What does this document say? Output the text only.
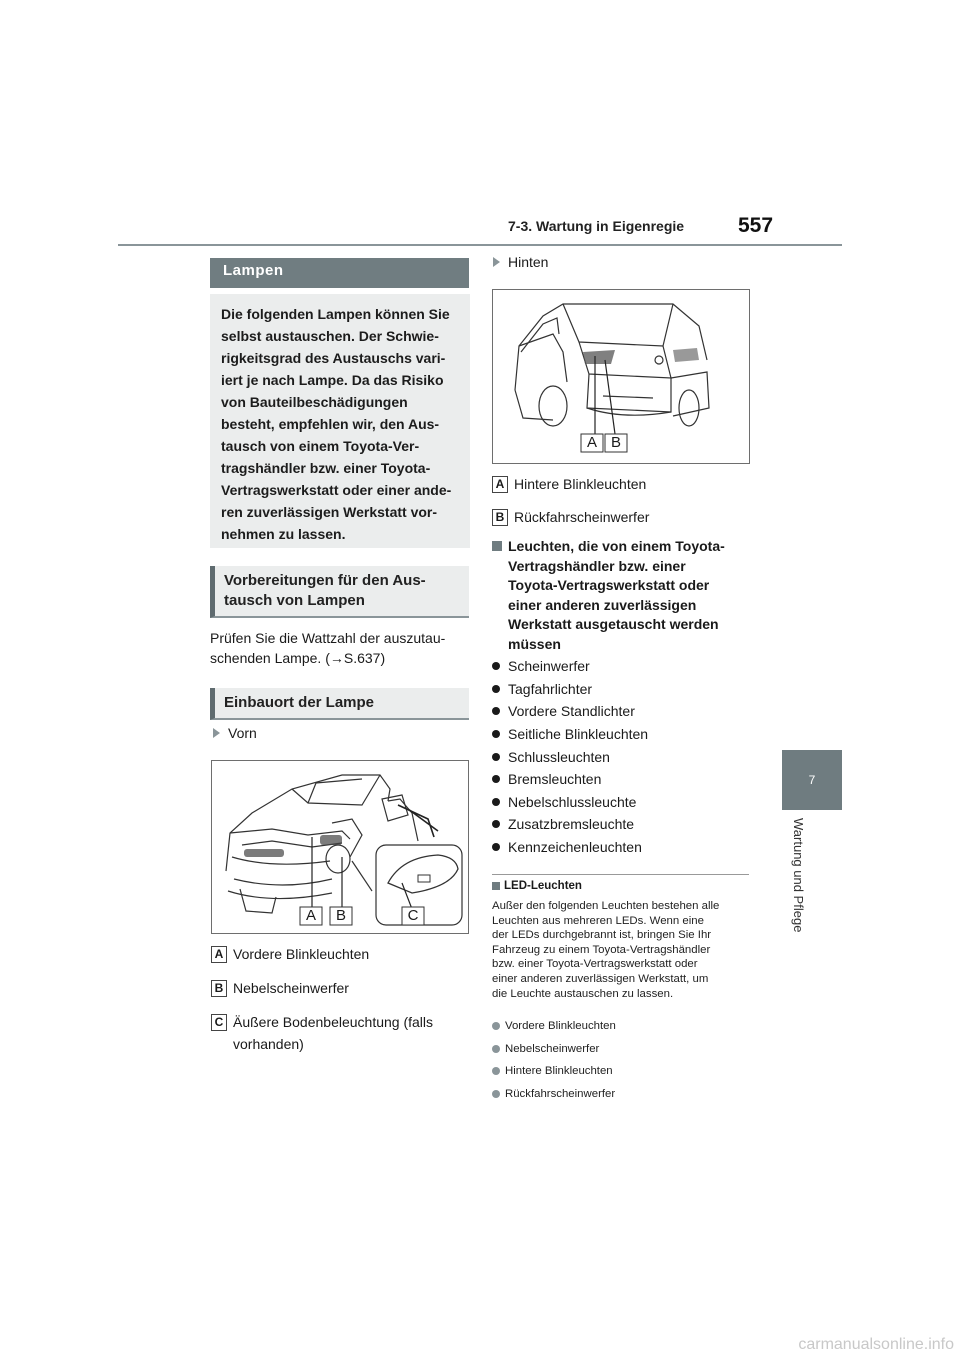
7-3. Wartung in Eigenregie	557
7
Wartung und Pflege
Lampen
Die folgenden Lampen können Sie
selbst austauschen. Der Schwie-
rigkeitsgrad des Austauschs vari-
iert je nach Lampe. Da das Risiko
von Bauteilbeschädigungen
besteht, empfehlen wir, den Aus-
tausch von einem Toyota-Ver-
tragshändler bzw. einer Toyota-
Vertragswerkstatt oder einer ande-
ren zuverlässigen Werkstatt vor-
nehmen zu lassen.
Vorbereitungen für den Aus-
tausch von Lampen
Prüfen Sie die Wattzahl der auszutau-
schenden Lampe. (→S.637)
Einbauort der Lampe
Vorn
A	B	C
A Vordere Blinkleuchten
B Nebelscheinwerfer
C Äußere Bodenbeleuchtung (falls
vorhanden)
Hinten
A B
A Hintere Blinkleuchten
B Rückfahrscheinwerfer
Leuchten, die von einem Toyota-
Vertragshändler bzw. einer
Toyota-Vertragswerkstatt oder
einer anderen zuverlässigen
Werkstatt ausgetauscht werden
müssen
Scheinwerfer
Tagfahrlichter
Vordere Standlichter
Seitliche Blinkleuchten
Schlussleuchten
Bremsleuchten
Nebelschlussleuchte
Zusatzbremsleuchte
Kennzeichenleuchten
LED-Leuchten
Außer den folgenden Leuchten bestehen alle
Leuchten aus mehreren LEDs. Wenn eine
der LEDs durchgebrannt ist, bringen Sie Ihr
Fahrzeug zu einem Toyota-Vertragshändler
bzw. einer Toyota-Vertragswerkstatt oder
einer anderen zuverlässigen Werkstatt, um
die Leuchte austauschen zu lassen.
Vordere Blinkleuchten
Nebelscheinwerfer
Hintere Blinkleuchten
Rückfahrscheinwerfer
carmanualsonline.info
